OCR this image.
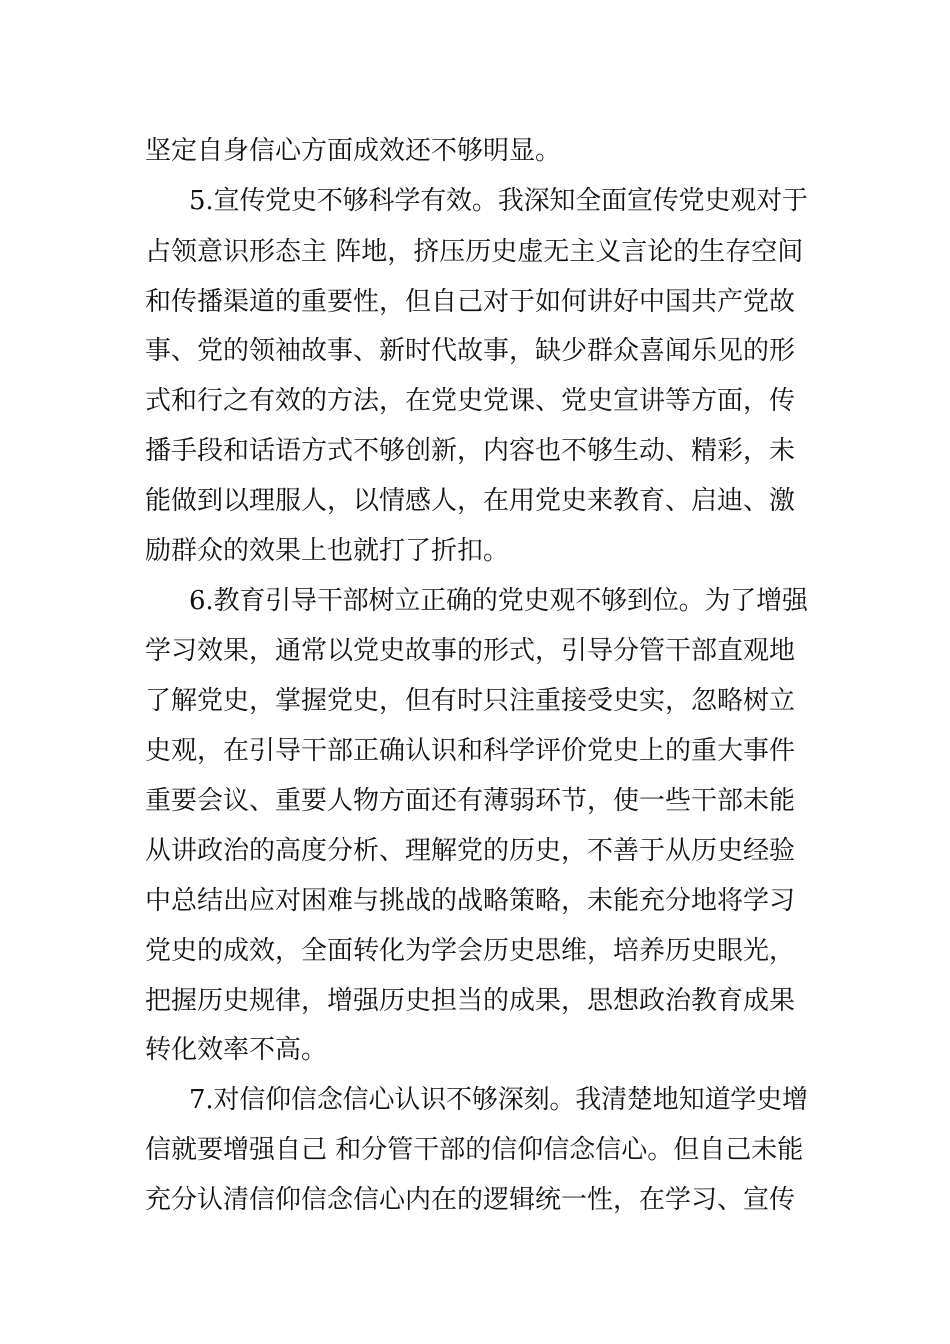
坚定自身信心方面成效还不够明显。

5.宣传党史不够科学有效。我深知全面宣传党史观对于

占领意识形态主 阵地，挤压历史虚无主义言论的生存空间

和传播渠道的重要性，但自己对于如何讲好中国共产党故

事、党的领袖故事、新时代故事，缺少群众喜闻乐见的形

式和行之有效的方法，在党史党课、党史宣讲等方面，传

播手段和话语方式不够创新，内容也不够生动、精彩，未

能做到以理服人，以情感人，在用党史来教育、启迪、激

励群众的效果上也就打了折扣。

6.教育引导干部树立正确的党史观不够到位。为了增强

学习效果，通常以党史故事的形式，引导分管干部直观地

了解党史，掌握党史，但有时只注重接受史实，忽略树立

史观，在引导干部正确认识和科学评价党史上的重大事件

重要会议、重要人物方面还有薄弱环节，使一些干部未能

从讲政治的高度分析、理解党的历史，不善于从历史经验

中总结出应对困难与挑战的战略策略，未能充分地将学习

党史的成效，全面转化为学会历史思维，培养历史眼光，

把握历史规律，增强历史担当的成果，思想政治教育成果

转化效率不高。

7.对信仰信念信心认识不够深刻。我清楚地知道学史增

信就要增强自己 和分管干部的信仰信念信心。但自己未能

充分认清信仰信念信心内在的逻辑统一性，在学习、宣传
